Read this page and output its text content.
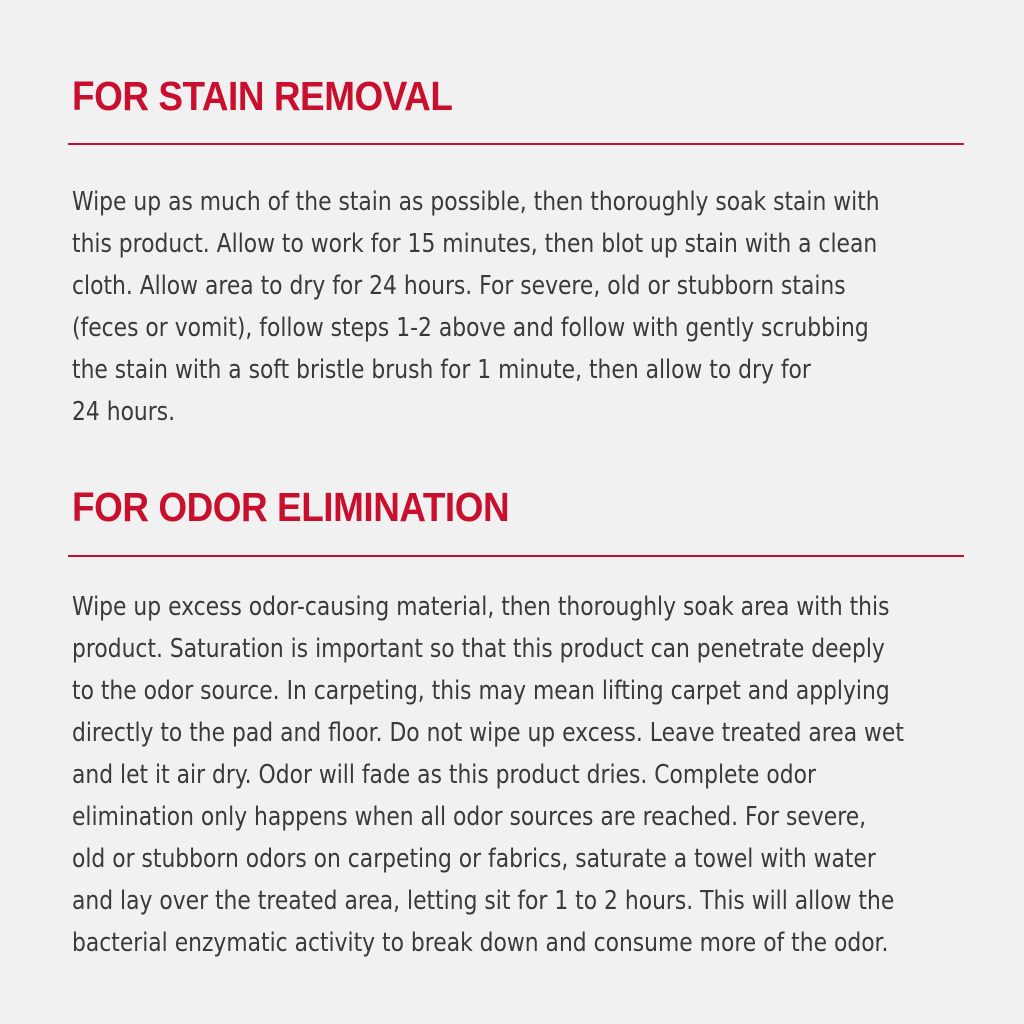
FOR STAIN REMOVAL
Wipe up as much of the stain as possible, then thoroughly soak stain with
this product. Allow to work for 15 minutes, then blot up stain with a clean
cloth. Allow area to dry for 24 hours. For severe, old or stubborn stains
(feces or vomit), follow steps 1-2 above and follow with gently scrubbing
the stain with a soft bristle brush for 1 minute, then allow to dry for
24 hours.
FOR ODOR ELIMINATION
Wipe up excess odor-causing material, then thoroughly soak area with this
product. Saturation is important so that this product can penetrate deeply
to the odor source. In carpeting, this may mean lifting carpet and applying
directly to the pad and floor. Do not wipe up excess. Leave treated area wet
and let it air dry. Odor will fade as this product dries. Complete odor
elimination only happens when all odor sources are reached. For severe,
old or stubborn odors on carpeting or fabrics, saturate a towel with water
and lay over the treated area, letting sit for 1 to 2 hours. This will allow the
bacterial enzymatic activity to break down and consume more of the odor.
